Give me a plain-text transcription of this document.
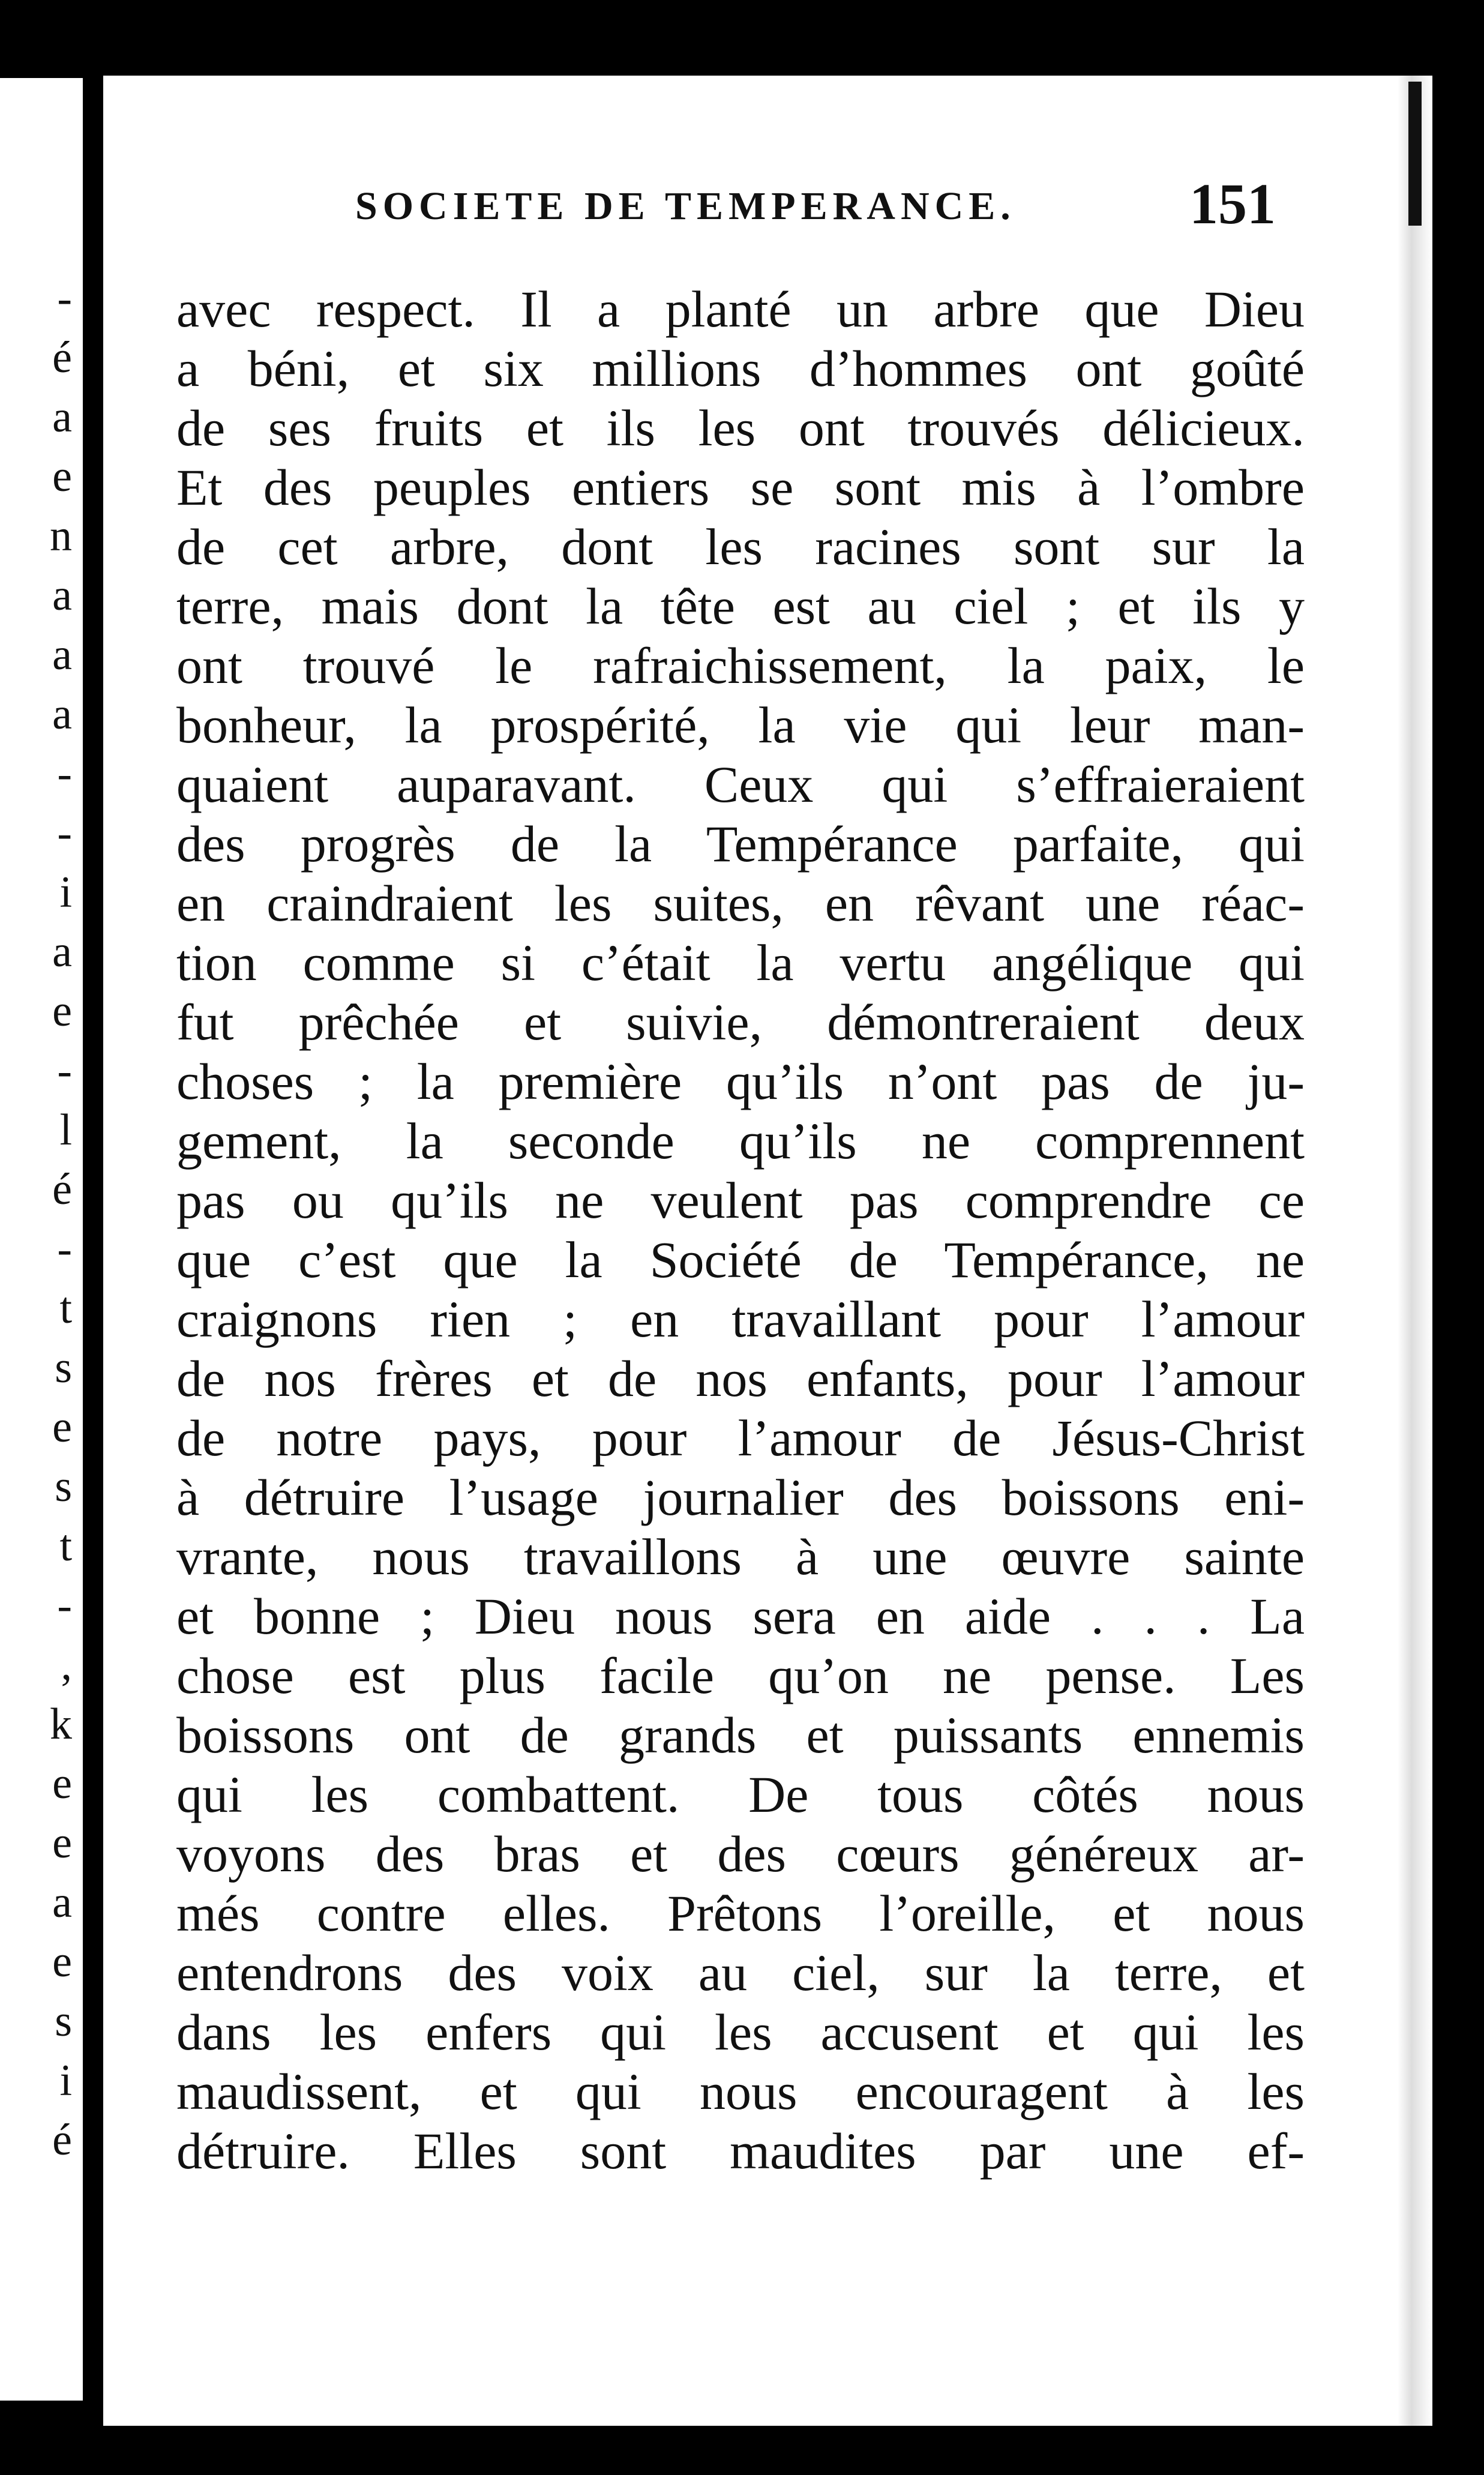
-
é
a
e
n
a
a
a
-
-
i
a
e
-
l
é
-
t
s
e
s
t
-
,
k
e
e
a
e
s
i
é
SOCIETE DE TEMPERANCE.	151
avec respect. Il a planté un arbre que Dieu
a béni, et six millions d’hommes ont goûté
de ses fruits et ils les ont trouvés délicieux.
Et des peuples entiers se sont mis à l’ombre
de cet arbre, dont les racines sont sur la
terre, mais dont la tête est au ciel ; et ils y
ont trouvé le rafraichissement, la paix, le
bonheur, la prospérité, la vie qui leur man-
quaient auparavant. Ceux qui s’effraieraient
des progrès de la Tempérance parfaite, qui
en craindraient les suites, en rêvant une réac-
tion comme si c’était la vertu angélique qui
fut prêchée et suivie, démontreraient deux
choses ; la première qu’ils n’ont pas de ju-
gement, la seconde qu’ils ne comprennent
pas ou qu’ils ne veulent pas comprendre ce
que c’est que la Société de Tempérance, ne
craignons rien ; en travaillant pour l’amour
de nos frères et de nos enfants, pour l’amour
de notre pays, pour l’amour de Jésus-Christ
à détruire l’usage journalier des boissons eni-
vrante, nous travaillons à une œuvre sainte
et bonne ; Dieu nous sera en aide . . . La
chose est plus facile qu’on ne pense. Les
boissons ont de grands et puissants ennemis
qui les combattent. De tous côtés nous
voyons des bras et des cœurs généreux ar-
més contre elles. Prêtons l’oreille, et nous
entendrons des voix au ciel, sur la terre, et
dans les enfers qui les accusent et qui les
maudissent, et qui nous encouragent à les
détruire. Elles sont maudites par une ef-
